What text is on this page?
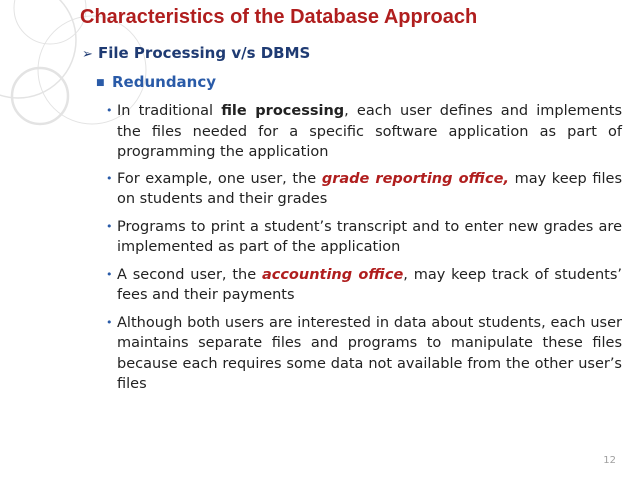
Characteristics of the Database Approach
➢ File Processing v/s DBMS
■ Redundancy
• In traditional file processing, each user defines and implements the files needed for a specific software application as part of programming the application
• For example, one user, the grade reporting office, may keep files on students and their grades
• Programs to print a student’s transcript and to enter new grades are implemented as part of the application
• A second user, the accounting office, may keep track of students’ fees and their payments
• Although both users are interested in data about students, each user maintains separate files and programs to manipulate these files because each requires some data not available from the other user’s files
12
